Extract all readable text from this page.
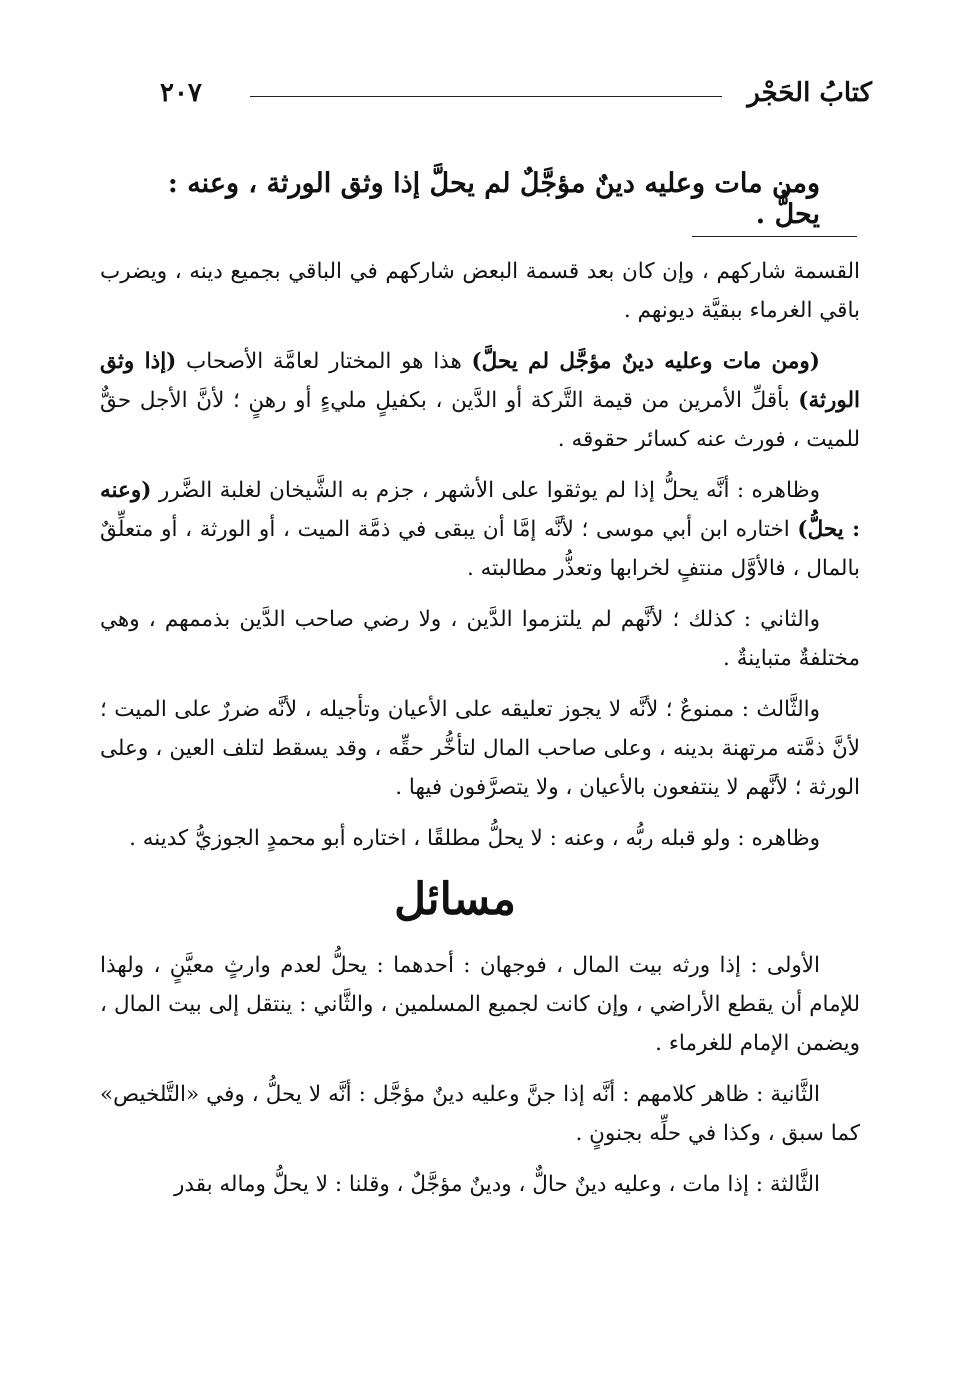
كتابُ الحَجْر
٢٠٧
ومن مات وعليه دينٌ مؤجَّلٌ لم يحلَّ إذا وثق الورثة ، وعنه : يحلُّ .

القسمة شاركهم ، وإن كان بعد قسمة البعض شاركهم في الباقي بجميع دينه ، ويضرب باقي الغرماء ببقيَّة ديونهم .

(ومن مات وعليه دينٌ مؤجَّل لم يحلَّ) هذا هو المختار لعامَّة الأصحاب (إذا وثق الورثة) بأقلِّ الأمرين من قيمة التَّركة أو الدَّين ، بكفيلٍ مليءٍ أو رهنٍ ؛ لأنَّ الأجل حقٌّ للميت ، فورث عنه كسائر حقوقه .

وظاهره : أنَّه يحلُّ إذا لم يوثقوا على الأشهر ، جزم به الشَّيخان لغلبة الضَّرر (وعنه : يحلُّ) اختاره ابن أبي موسى ؛ لأنَّه إمَّا أن يبقى في ذمَّة الميت ، أو الورثة ، أو متعلِّقٌ بالمال ، فالأوَّل منتفٍ لخرابها وتعذُّر مطالبته .

والثاني : كذلك ؛ لأنَّهم لم يلتزموا الدَّين ، ولا رضي صاحب الدَّين بذممهم ، وهي مختلفةٌ متباينةٌ .

والثَّالث : ممنوعٌ ؛ لأنَّه لا يجوز تعليقه على الأعيان وتأجيله ، لأنَّه ضررٌ على الميت ؛ لأنَّ ذمَّته مرتهنة بدينه ، وعلى صاحب المال لتأخُّر حقِّه ، وقد يسقط لتلف العين ، وعلى الورثة ؛ لأنَّهم لا ينتفعون بالأعيان ، ولا يتصرَّفون فيها .

وظاهره : ولو قبله ربُّه ، وعنه : لا يحلُّ مطلقًا ، اختاره أبو محمدٍ الجوزيُّ كدينه .

مسائل

الأولى : إذا ورثه بيت المال ، فوجهان : أحدهما : يحلُّ لعدم وارثٍ معيَّنٍ ، ولهذا للإمام أن يقطع الأراضي ، وإن كانت لجميع المسلمين ، والثَّاني : ينتقل إلى بيت المال ، ويضمن الإمام للغرماء .

الثَّانية : ظاهر كلامهم : أنَّه إذا جنَّ وعليه دينٌ مؤجَّل : أنَّه لا يحلُّ ، وفي «التَّلخيص» كما سبق ، وكذا في حلِّه بجنونٍ .

الثَّالثة : إذا مات ، وعليه دينٌ حالٌّ ، ودينٌ مؤجَّلٌ ، وقلنا : لا يحلُّ وماله بقدر
